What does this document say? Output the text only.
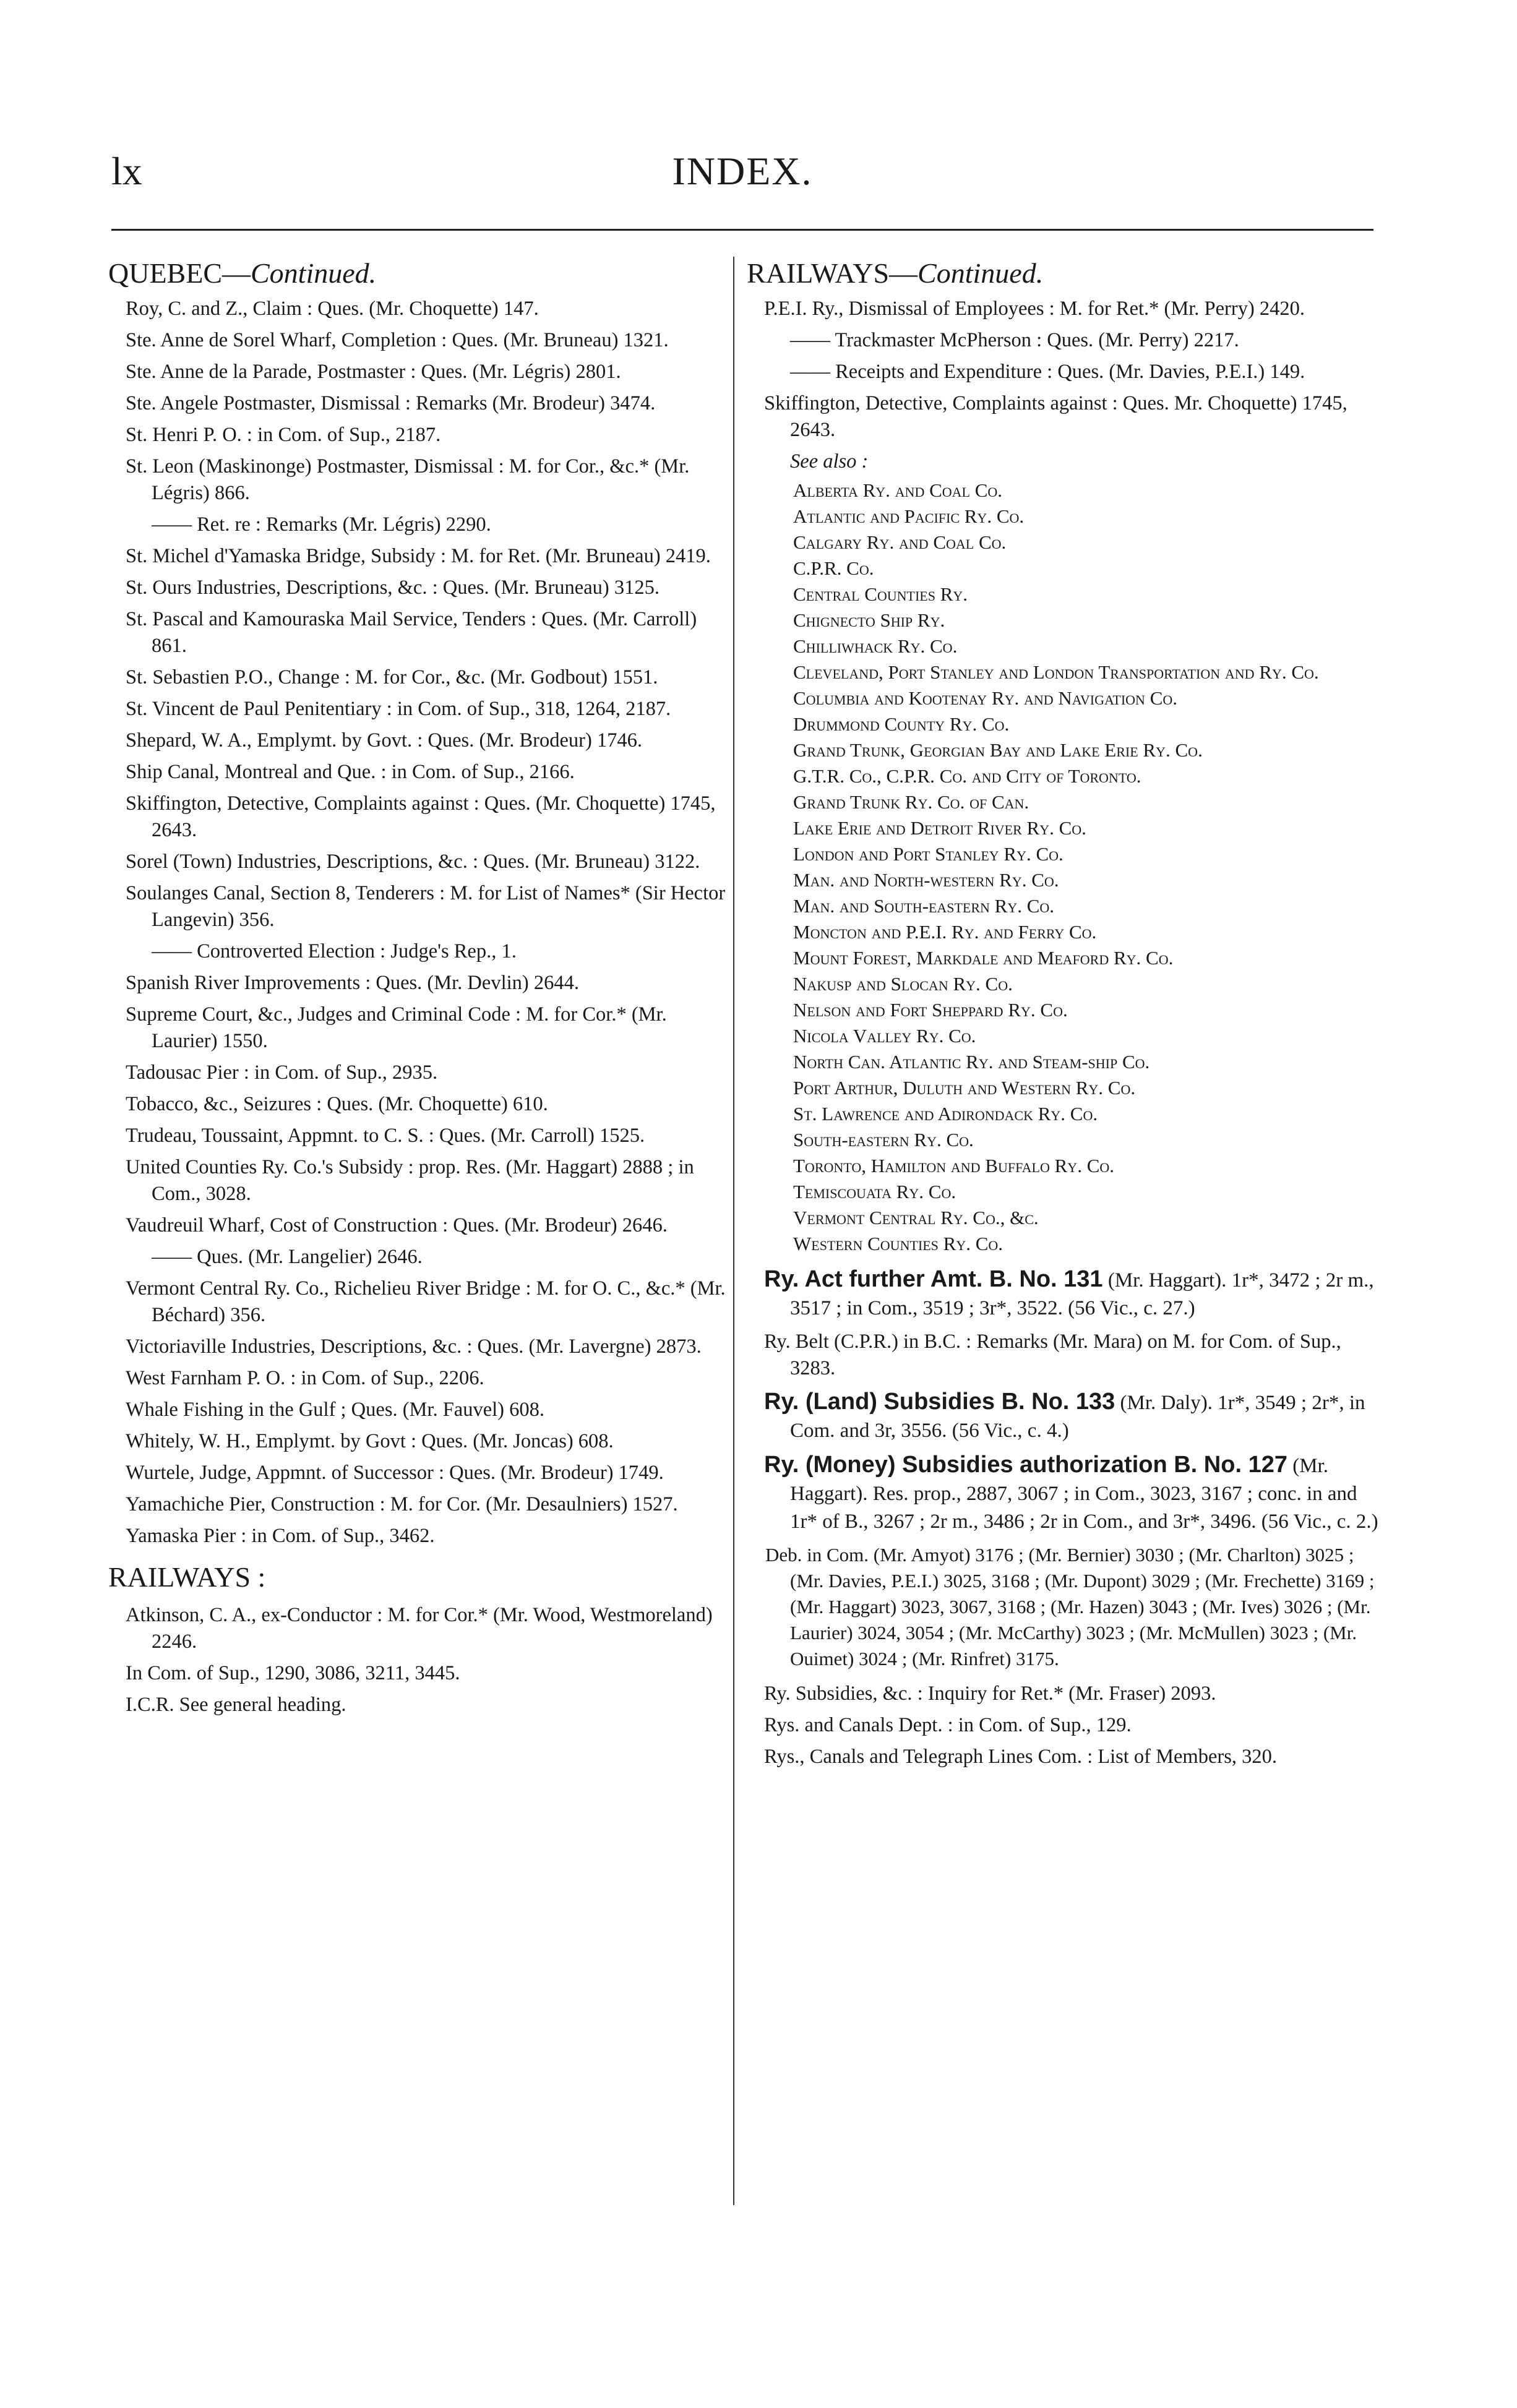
lx	INDEX.
QUEBEC—Continued.
Roy, C. and Z., Claim : Ques. (Mr. Choquette) 147.
Ste. Anne de Sorel Wharf, Completion : Ques. (Mr. Bruneau) 1321.
Ste. Anne de la Parade, Postmaster : Ques. (Mr. Légris) 2801.
Ste. Angele Postmaster, Dismissal : Remarks (Mr. Brodeur) 3474.
St. Henri P. O. : in Com. of Sup., 2187.
St. Leon (Maskinonge) Postmaster, Dismissal : M. for Cor., &c.* (Mr. Légris) 866.
—— Ret. re : Remarks (Mr. Légris) 2290.
St. Michel d'Yamaska Bridge, Subsidy : M. for Ret. (Mr. Bruneau) 2419.
St. Ours Industries, Descriptions, &c. : Ques. (Mr. Bruneau) 3125.
St. Pascal and Kamouraska Mail Service, Tenders : Ques. (Mr. Carroll) 861.
St. Sebastien P.O., Change : M. for Cor., &c. (Mr. Godbout) 1551.
St. Vincent de Paul Penitentiary : in Com. of Sup., 318, 1264, 2187.
Shepard, W. A., Emplymt. by Govt. : Ques. (Mr. Brodeur) 1746.
Ship Canal, Montreal and Que. : in Com. of Sup., 2166.
Skiffington, Detective, Complaints against : Ques. (Mr. Choquette) 1745, 2643.
Sorel (Town) Industries, Descriptions, &c. : Ques. (Mr. Bruneau) 3122.
Soulanges Canal, Section 8, Tenderers : M. for List of Names* (Sir Hector Langevin) 356.
—— Controverted Election : Judge's Rep., 1.
Spanish River Improvements : Ques. (Mr. Devlin) 2644.
Supreme Court, &c., Judges and Criminal Code : M. for Cor.* (Mr. Laurier) 1550.
Tadousac Pier : in Com. of Sup., 2935.
Tobacco, &c., Seizures : Ques. (Mr. Choquette) 610.
Trudeau, Toussaint, Appmnt. to C. S. : Ques. (Mr. Carroll) 1525.
United Counties Ry. Co.'s Subsidy : prop. Res. (Mr. Haggart) 2888 ; in Com., 3028.
Vaudreuil Wharf, Cost of Construction : Ques. (Mr. Brodeur) 2646.
—— Ques. (Mr. Langelier) 2646.
Vermont Central Ry. Co., Richelieu River Bridge : M. for O. C., &c.* (Mr. Béchard) 356.
Victoriaville Industries, Descriptions, &c. : Ques. (Mr. Lavergne) 2873.
West Farnham P. O. : in Com. of Sup., 2206.
Whale Fishing in the Gulf ; Ques. (Mr. Fauvel) 608.
Whitely, W. H., Emplymt. by Govt : Ques. (Mr. Joncas) 608.
Wurtele, Judge, Appmnt. of Successor : Ques. (Mr. Brodeur) 1749.
Yamachiche Pier, Construction : M. for Cor. (Mr. Desaulniers) 1527.
Yamaska Pier : in Com. of Sup., 3462.
RAILWAYS :
Atkinson, C. A., ex-Conductor : M. for Cor.* (Mr. Wood, Westmoreland) 2246.
In Com. of Sup., 1290, 3086, 3211, 3445.
I.C.R. See general heading.
RAILWAYS—Continued.
P.E.I. Ry., Dismissal of Employees : M. for Ret.* (Mr. Perry) 2420.
—— Trackmaster McPherson : Ques. (Mr. Perry) 2217.
—— Receipts and Expenditure : Ques. (Mr. Davies, P.E.I.) 149.
Skiffington, Detective, Complaints against : Ques. Mr. Choquette) 1745, 2643.
See also :
Alberta Ry. and Coal Co.
Atlantic and Pacific Ry. Co.
Calgary Ry. and Coal Co.
C.P.R. Co.
Central Counties Ry.
Chignecto Ship Ry.
Chilliwhack Ry. Co.
Cleveland, Port Stanley and London Transportation and Ry. Co.
Columbia and Kootenay Ry. and Navigation Co.
Drummond County Ry. Co.
Grand Trunk, Georgian Bay and Lake Erie Ry. Co.
G.T.R. Co., C.P.R. Co. and City of Toronto.
Grand Trunk Ry. Co. of Can.
Lake Erie and Detroit River Ry. Co.
London and Port Stanley Ry. Co.
Man. and North-western Ry. Co.
Man. and South-eastern Ry. Co.
Moncton and P.E.I. Ry. and Ferry Co.
Mount Forest, Markdale and Meaford Ry. Co.
Nakusp and Slocan Ry. Co.
Nelson and Fort Sheppard Ry. Co.
Nicola Valley Ry. Co.
North Can. Atlantic Ry. and Steam-ship Co.
Port Arthur, Duluth and Western Ry. Co.
St. Lawrence and Adirondack Ry. Co.
South-eastern Ry. Co.
Toronto, Hamilton and Buffalo Ry. Co.
Temiscouata Ry. Co.
Vermont Central Ry. Co., &c.
Western Counties Ry. Co.
Ry. Act further Amt. B. No. 131 (Mr. Haggart). 1r*, 3472 ; 2r m., 3517 ; in Com., 3519 ; 3r*, 3522. (56 Vic., c. 27.)
Ry. Belt (C.P.R.) in B.C. : Remarks (Mr. Mara) on M. for Com. of Sup., 3283.
Ry. (Land) Subsidies B. No. 133 (Mr. Daly). 1r*, 3549 ; 2r*, in Com. and 3r, 3556. (56 Vic., c. 4.)
Ry. (Money) Subsidies authorization B. No. 127 (Mr. Haggart). Res. prop., 2887, 3067 ; in Com., 3023, 3167 ; conc. in and 1r* of B., 3267 ; 2r m., 3486 ; 2r in Com., and 3r*, 3496. (56 Vic., c. 2.)
Deb. in Com. (Mr. Amyot) 3176 ; (Mr. Bernier) 3030 ; (Mr. Charlton) 3025 ; (Mr. Davies, P.E.I.) 3025, 3168 ; (Mr. Dupont) 3029 ; (Mr. Frechette) 3169 ; (Mr. Haggart) 3023, 3067, 3168 ; (Mr. Hazen) 3043 ; (Mr. Ives) 3026 ; (Mr. Laurier) 3024, 3054 ; (Mr. McCarthy) 3023 ; (Mr. McMullen) 3023 ; (Mr. Ouimet) 3024 ; (Mr. Rinfret) 3175.
Ry. Subsidies, &c. : Inquiry for Ret.* (Mr. Fraser) 2093.
Rys. and Canals Dept. : in Com. of Sup., 129.
Rys., Canals and Telegraph Lines Com. : List of Members, 320.
